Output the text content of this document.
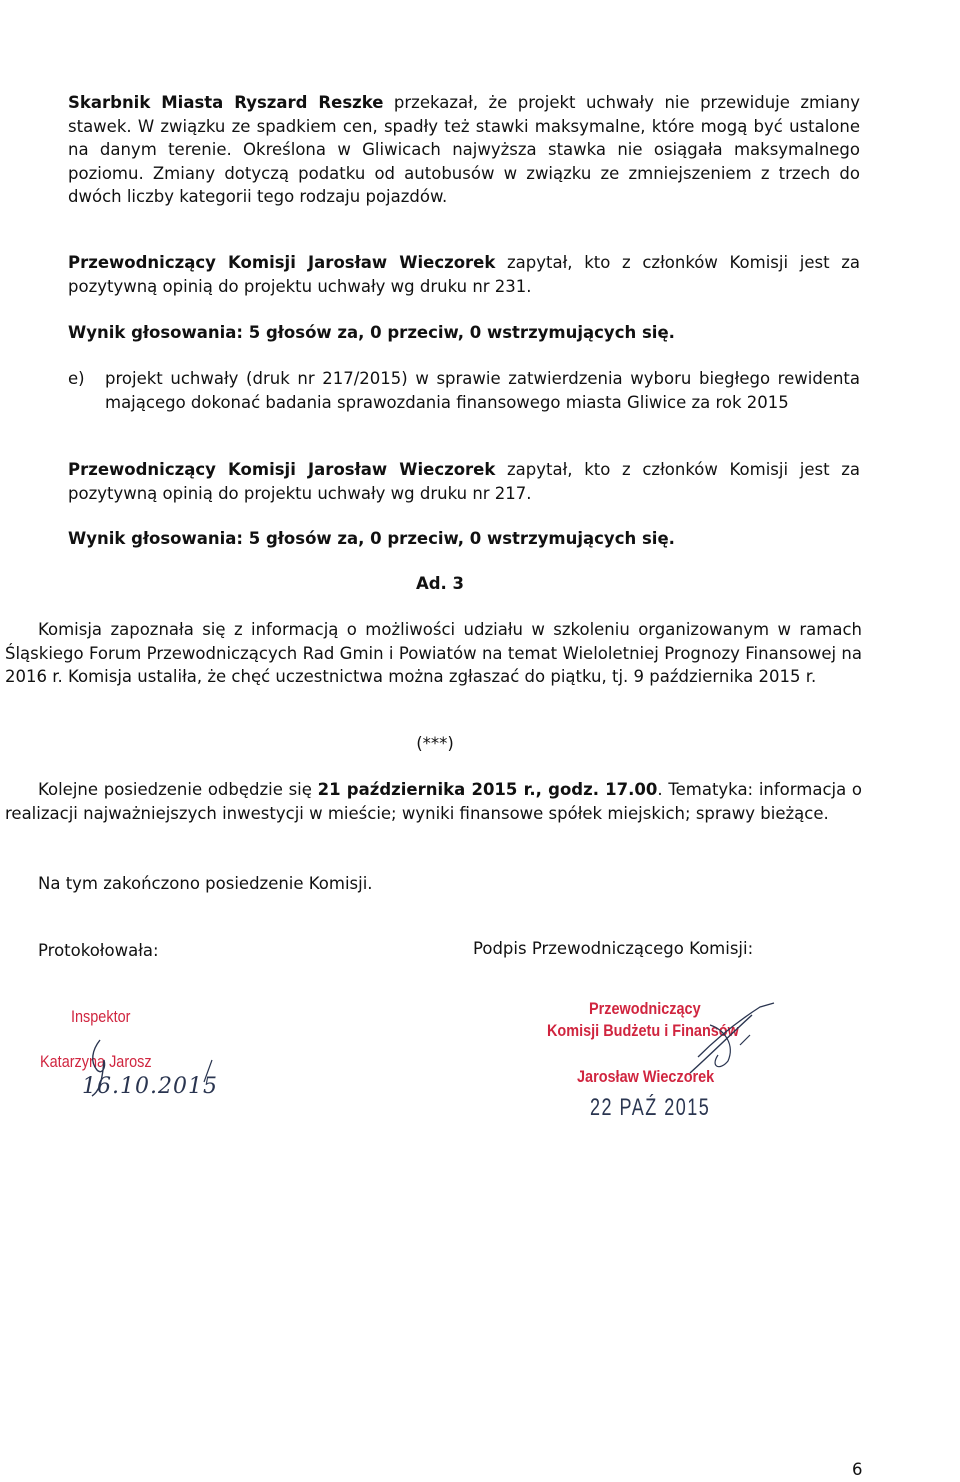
Skarbnik Miasta Ryszard Reszke przekazał, że projekt uchwały nie przewiduje zmiany stawek. W związku ze spadkiem cen, spadły też stawki maksymalne, które mogą być ustalone na danym terenie. Określona w Gliwicach najwyższa stawka nie osiągała maksymalnego poziomu. Zmiany dotyczą podatku od autobusów w związku ze zmniejszeniem z trzech do dwóch liczby kategorii tego rodzaju pojazdów.
Przewodniczący Komisji Jarosław Wieczorek zapytał, kto z członków Komisji jest za pozytywną opinią do projektu uchwały wg druku nr 231.
Wynik głosowania: 5 głosów za, 0 przeciw, 0 wstrzymujących się.
e)	projekt uchwały (druk nr 217/2015) w sprawie zatwierdzenia wyboru biegłego rewidenta mającego dokonać badania sprawozdania finansowego miasta Gliwice za rok 2015
Przewodniczący Komisji Jarosław Wieczorek zapytał, kto z członków Komisji jest za pozytywną opinią do projektu uchwały wg druku nr 217.
Wynik głosowania: 5 głosów za, 0 przeciw, 0 wstrzymujących się.
Ad. 3
Komisja zapoznała się z informacją o możliwości udziału w szkoleniu organizowanym w ramach Śląskiego Forum Przewodniczących Rad Gmin i Powiatów na temat Wieloletniej Prognozy Finansowej na 2016 r. Komisja ustaliła, że chęć uczestnictwa można zgłaszać do piątku, tj. 9 października 2015 r.
(***)
Kolejne posiedzenie odbędzie się 21 października 2015 r., godz. 17.00. Tematyka: informacja o realizacji najważniejszych inwestycji w mieście; wyniki finansowe spółek miejskich; sprawy bieżące.
Na tym zakończono posiedzenie Komisji.
Protokołowała:	Podpis Przewodniczącego Komisji:
Inspektor
Katarzyna Jarosz
16.10.2015
Przewodniczący
Komisji Budżetu i Finansów
Jarosław Wieczorek
22 PAŹ 2015
6
